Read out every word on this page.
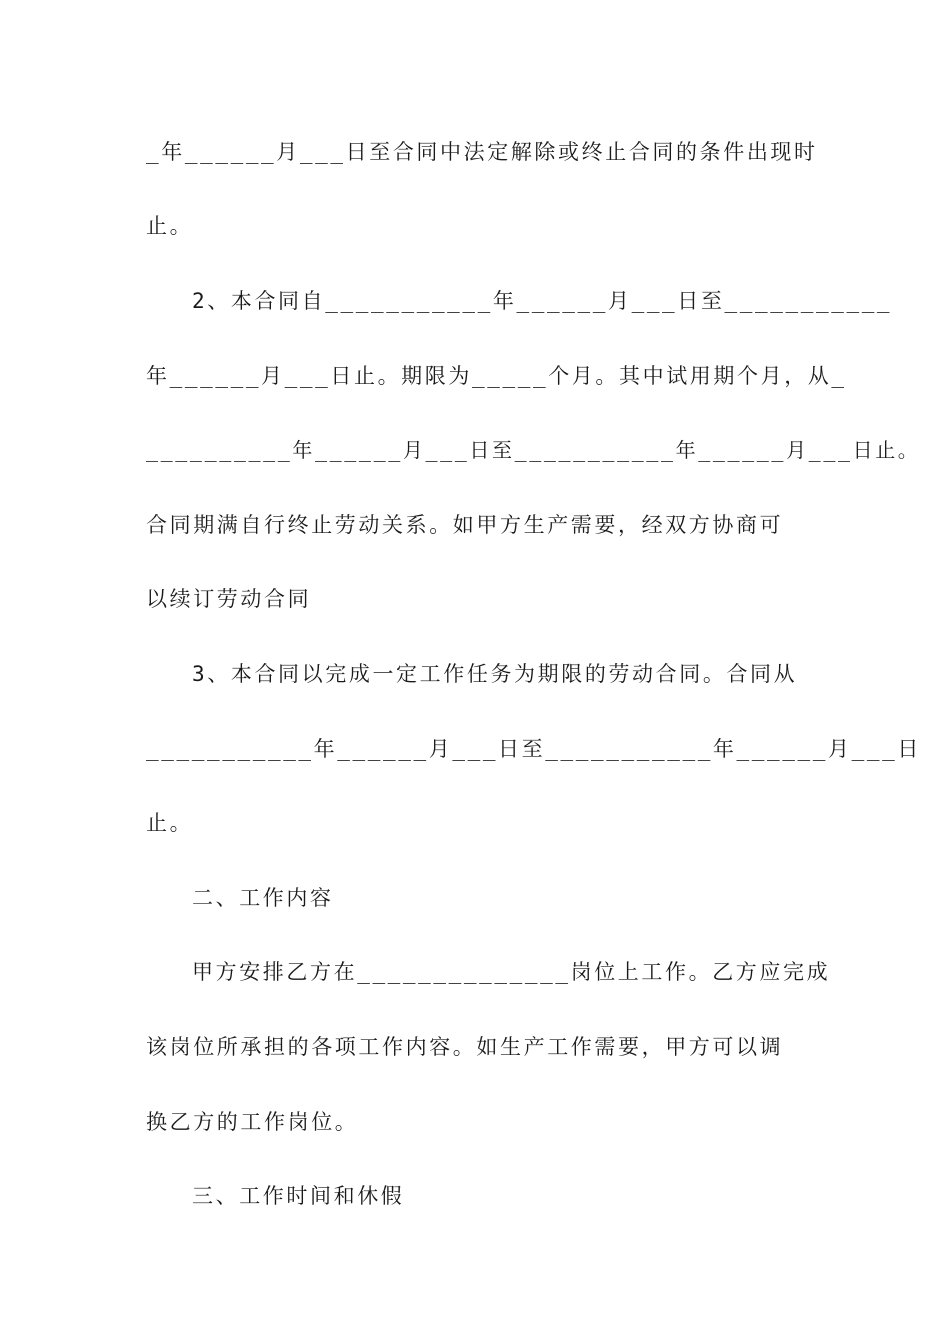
_年______月___日至合同中法定解除或终止合同的条件出现时
止。
2、本合同自___________年______月___日至___________
年______月___日止。期限为_____个月。其中试用期个月，从_
__________年______月___日至___________年______月___日止。
合同期满自行终止劳动关系。如甲方生产需要，经双方协商可
以续订劳动合同
3、本合同以完成一定工作任务为期限的劳动合同。合同从
___________年______月___日至___________年______月___日
止。
二、工作内容
甲方安排乙方在______________岗位上工作。乙方应完成
该岗位所承担的各项工作内容。如生产工作需要，甲方可以调
换乙方的工作岗位。
三、工作时间和休假
